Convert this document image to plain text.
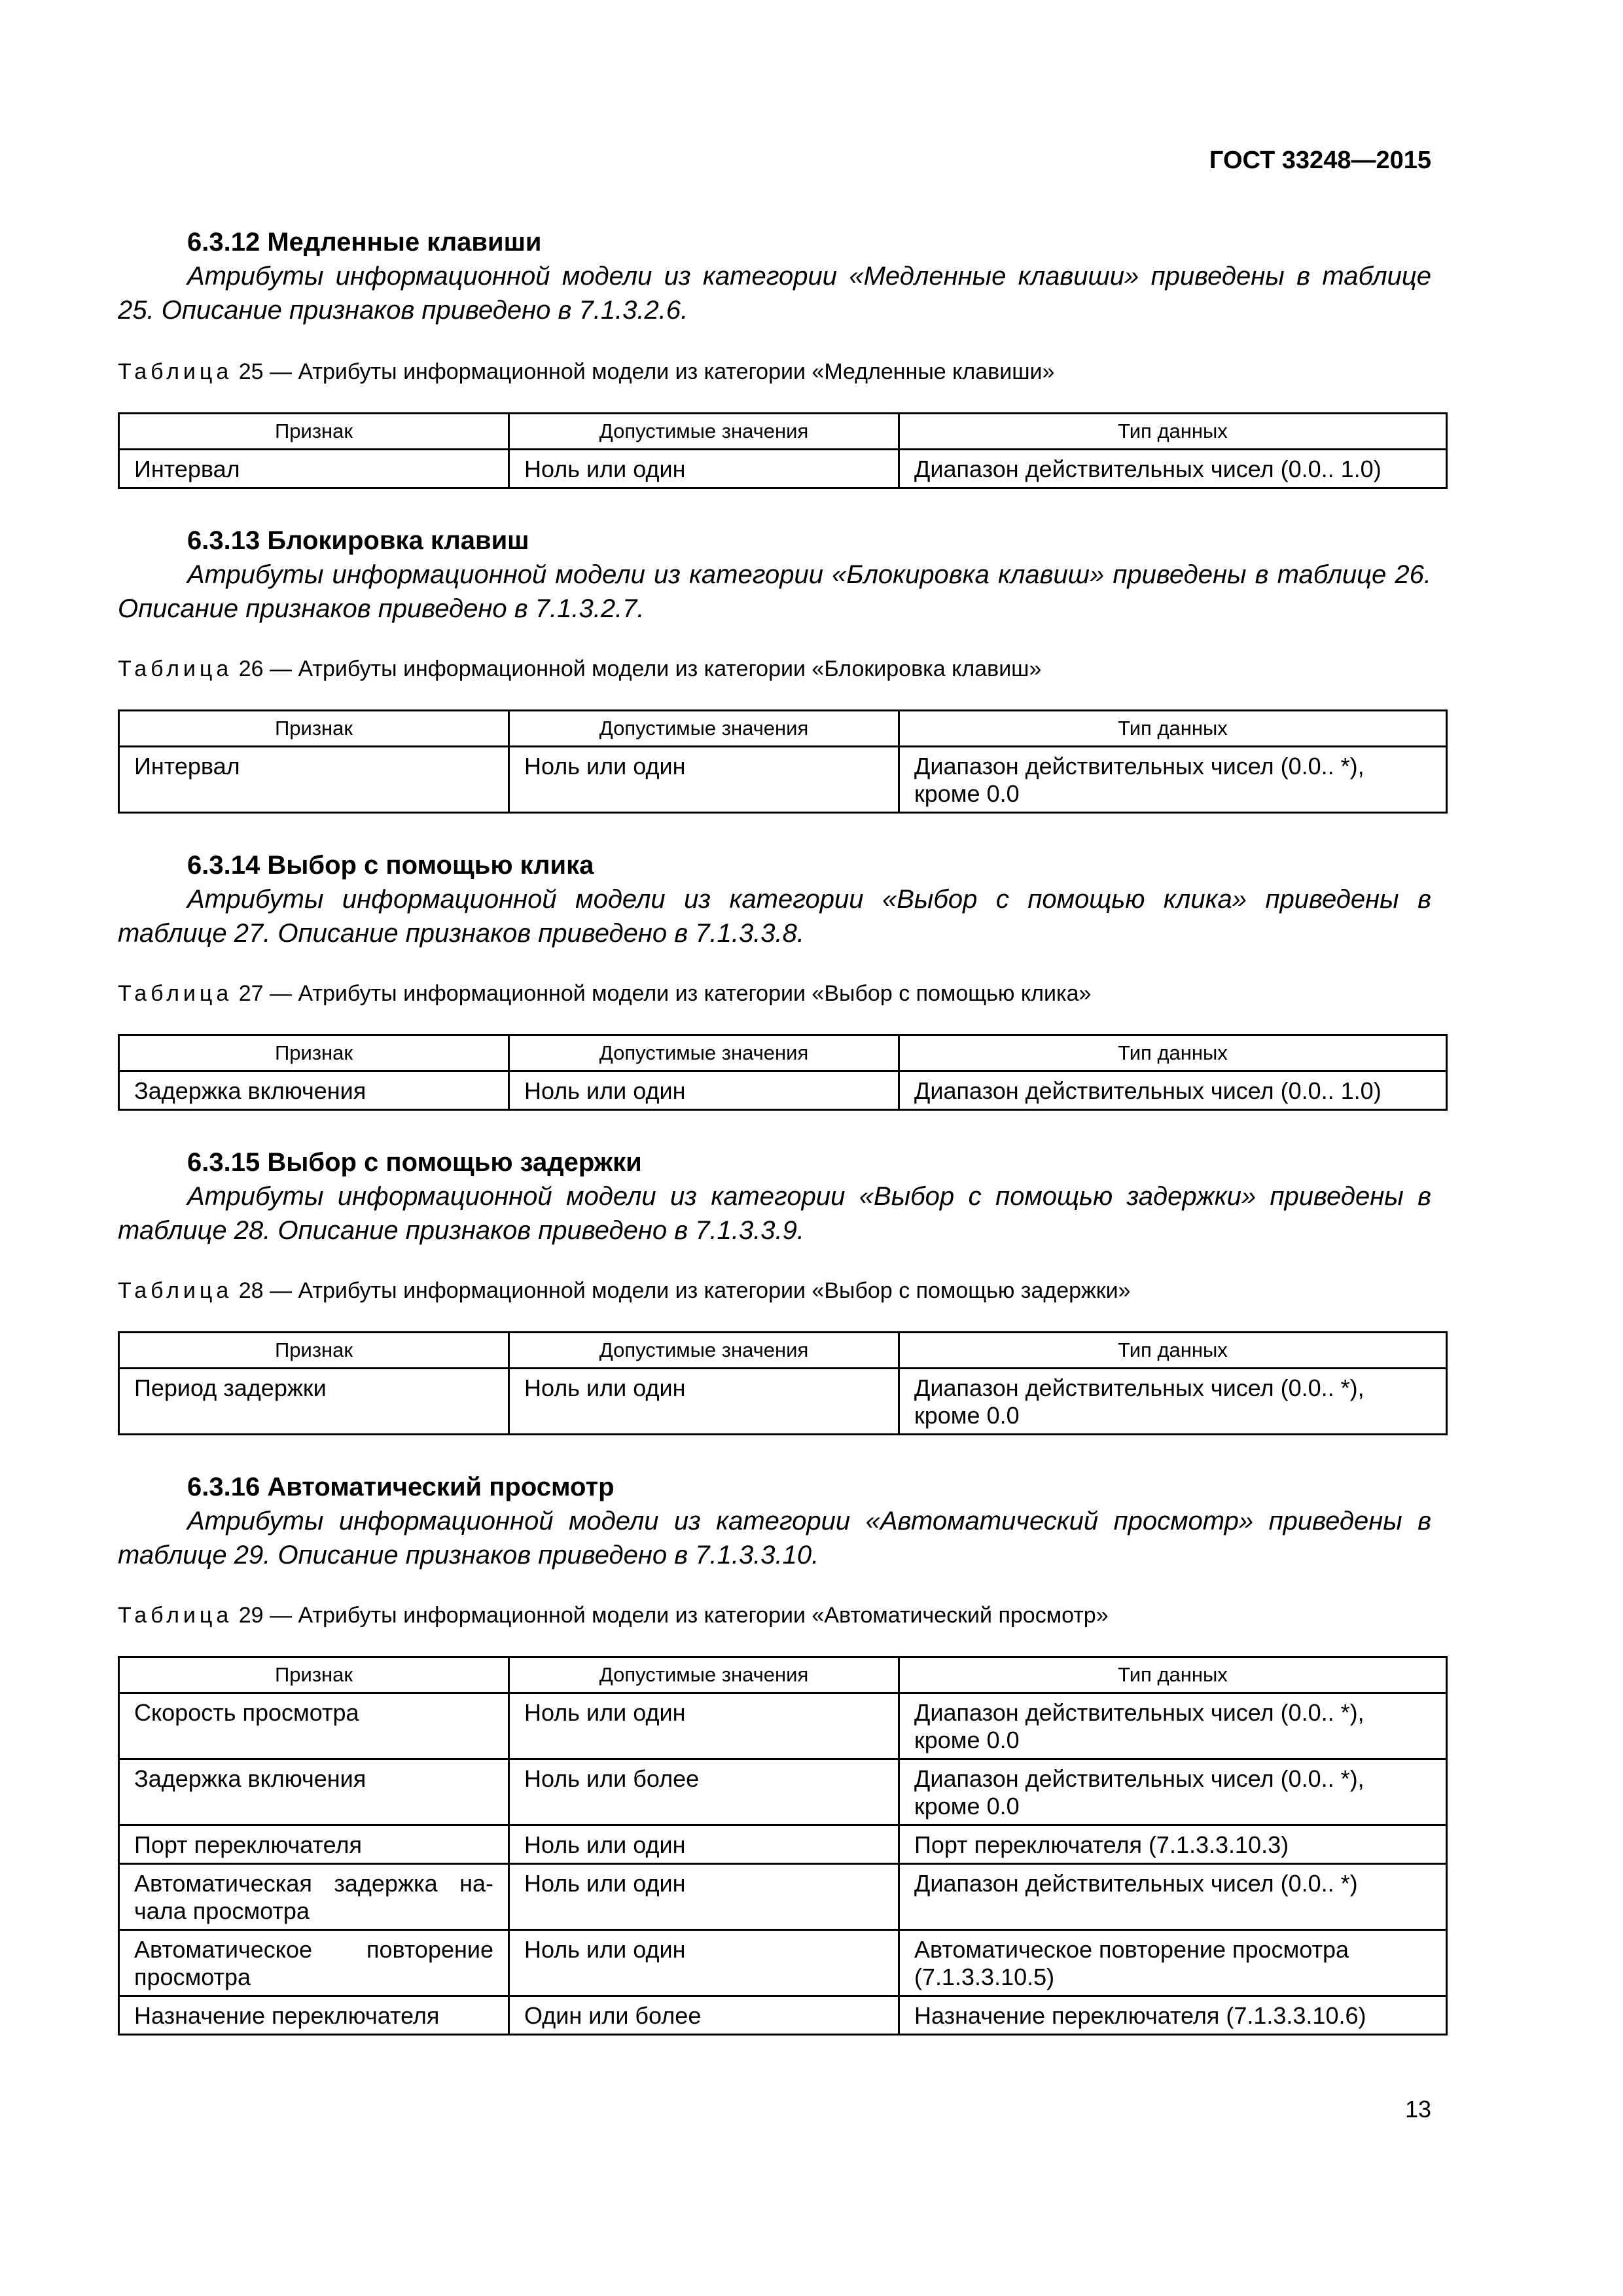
ГОСТ 33248—2015
6.3.12 Медленные клавиши

Атрибуты информационной модели из категории «Медленные клавиши» приведены в таблице 25. Описание признаков приведено в 7.1.3.2.6.

Таблица 25 — Атрибуты информационной модели из категории «Медленные клавиши»

Признак	Допустимые значения	Тип данных
Интервал	Ноль или один	Диапазон действительных чисел (0.0.. 1.0)
6.3.13 Блокировка клавиш

Атрибуты информационной модели из категории «Блокировка клавиш» приведены в таблице 26. Описание признаков приведено в 7.1.3.2.7.

Таблица 26 — Атрибуты информационной модели из категории «Блокировка клавиш»

Признак	Допустимые значения	Тип данных
Интервал	Ноль или один	Диапазон действительных чисел (0.0.. *), кроме 0.0
6.3.14 Выбор с помощью клика

Атрибуты информационной модели из категории «Выбор с помощью клика» приведены в таблице 27. Описание признаков приведено в 7.1.3.3.8.

Таблица 27 — Атрибуты информационной модели из категории «Выбор с помощью клика»

Признак	Допустимые значения	Тип данных
Задержка включения	Ноль или один	Диапазон действительных чисел (0.0.. 1.0)
6.3.15 Выбор с помощью задержки

Атрибуты информационной модели из категории «Выбор с помощью задержки» приведены в таблице 28. Описание признаков приведено в 7.1.3.3.9.

Таблица 28 — Атрибуты информационной модели из категории «Выбор с помощью задержки»

Признак	Допустимые значения	Тип данных
Период задержки	Ноль или один	Диапазон действительных чисел (0.0.. *), кроме 0.0
6.3.16 Автоматический просмотр

Атрибуты информационной модели из категории «Автоматический просмотр» приведены в таблице 29. Описание признаков приведено в 7.1.3.3.10.

Таблица 29 — Атрибуты информационной модели из категории «Автоматический просмотр»

Признак	Допустимые значения	Тип данных
Скорость просмотра	Ноль или один	Диапазон действительных чисел (0.0.. *), кроме 0.0
Задержка включения	Ноль или более	Диапазон действительных чисел (0.0.. *), кроме 0.0
Порт переключателя	Ноль или один	Порт переключателя (7.1.3.3.10.3)
Автоматическая задержка на-чала просмотра	Ноль или один	Диапазон действительных чисел (0.0.. *)
Автоматическое повторение просмотра	Ноль или один	Автоматическое повторение просмотра (7.1.3.3.10.5)
Назначение переключателя	Один или более	Назначение переключателя (7.1.3.3.10.6)
13
